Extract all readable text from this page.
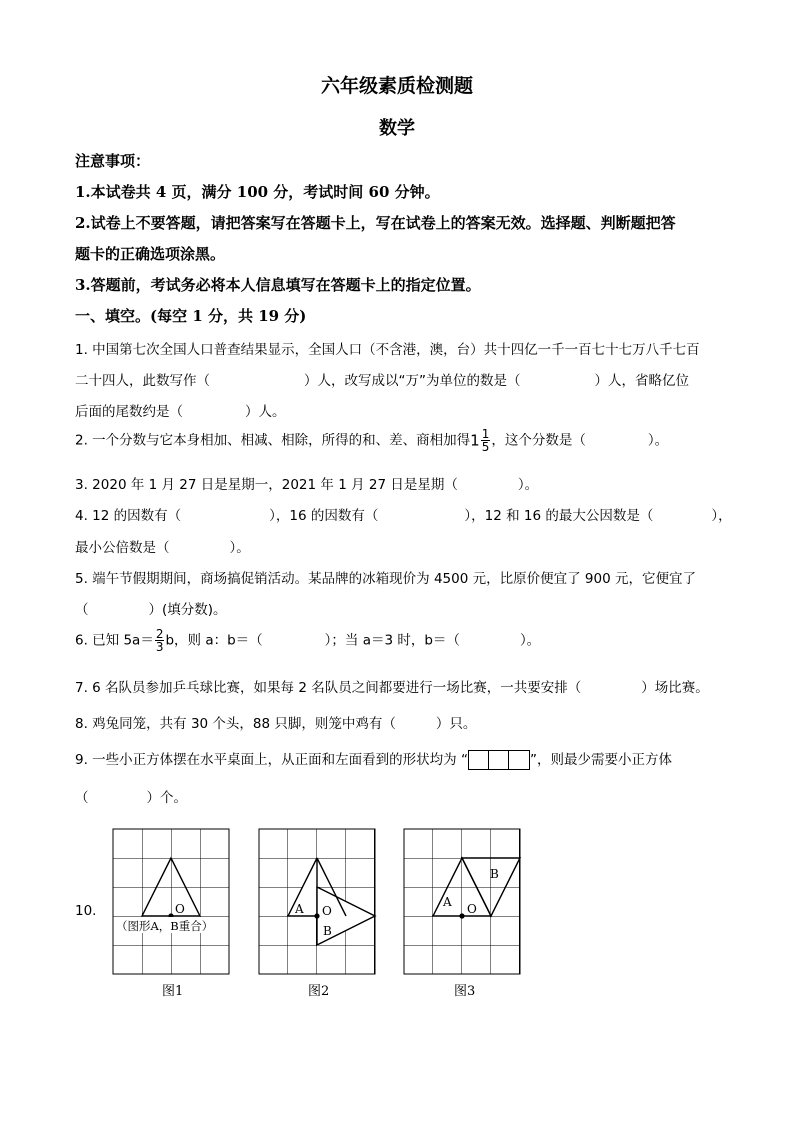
六年级素质检测题
数学
注意事项：
1.本试卷共 4 页，满分 100 分，考试时间 60 分钟。
2.试卷上不要答题，请把答案写在答题卡上，写在试卷上的答案无效。选择题、判断题把答
题卡的正确选项涂黑。
3.答题前，考试务必将本人信息填写在答题卡上的指定位置。
一、填空。(每空 1 分，共 19 分)
1. 中国第七次全国人口普查结果显示，全国人口（不含港，澳，台）共十四亿一千一百七十七万八千七百
二十四人，此数写作（	）人，改写成以“万”为单位的数是（	）人，省略亿位
后面的尾数约是（	）人。
2. 一个分数与它本身相加、相减、相除，所得的和、差、商相加得$1 \frac{1}{5}$ ，这个分数是（	）。
3. 2020 年 1 月 27 日是星期一，2021 年 1 月 27 日是星期（	）。
4. 12 的因数有（	），16 的因数有（	），12 和 16 的最大公因数是（	），
最小公倍数是（	）。
5. 端午节假期期间，商场搞促销活动。某品牌的冰箱现价为 4500 元，比原价便宜了 900 元，它便宜了
（	）(填分数)。
6. 已知 $5a= \frac{2}{3}$ b，则 a：b＝（	）；当 a＝3 时，b＝（	）。
7. 6 名队员参加乒乓球比赛，如果每 2 名队员之间都要进行一场比赛，一共要安排（	）场比赛。
8. 鸡兔同笼，共有 30 个头，88 只脚，则笼中鸡有（	）只。
9. 一些小正方体摆在水平桌面上，从正面和左面看到的形状均为 “	”，则最少需要小正方体
（	）个。
10.	O
（图形A，B重合）
图1
A O
B
图2
A O
B
图3
